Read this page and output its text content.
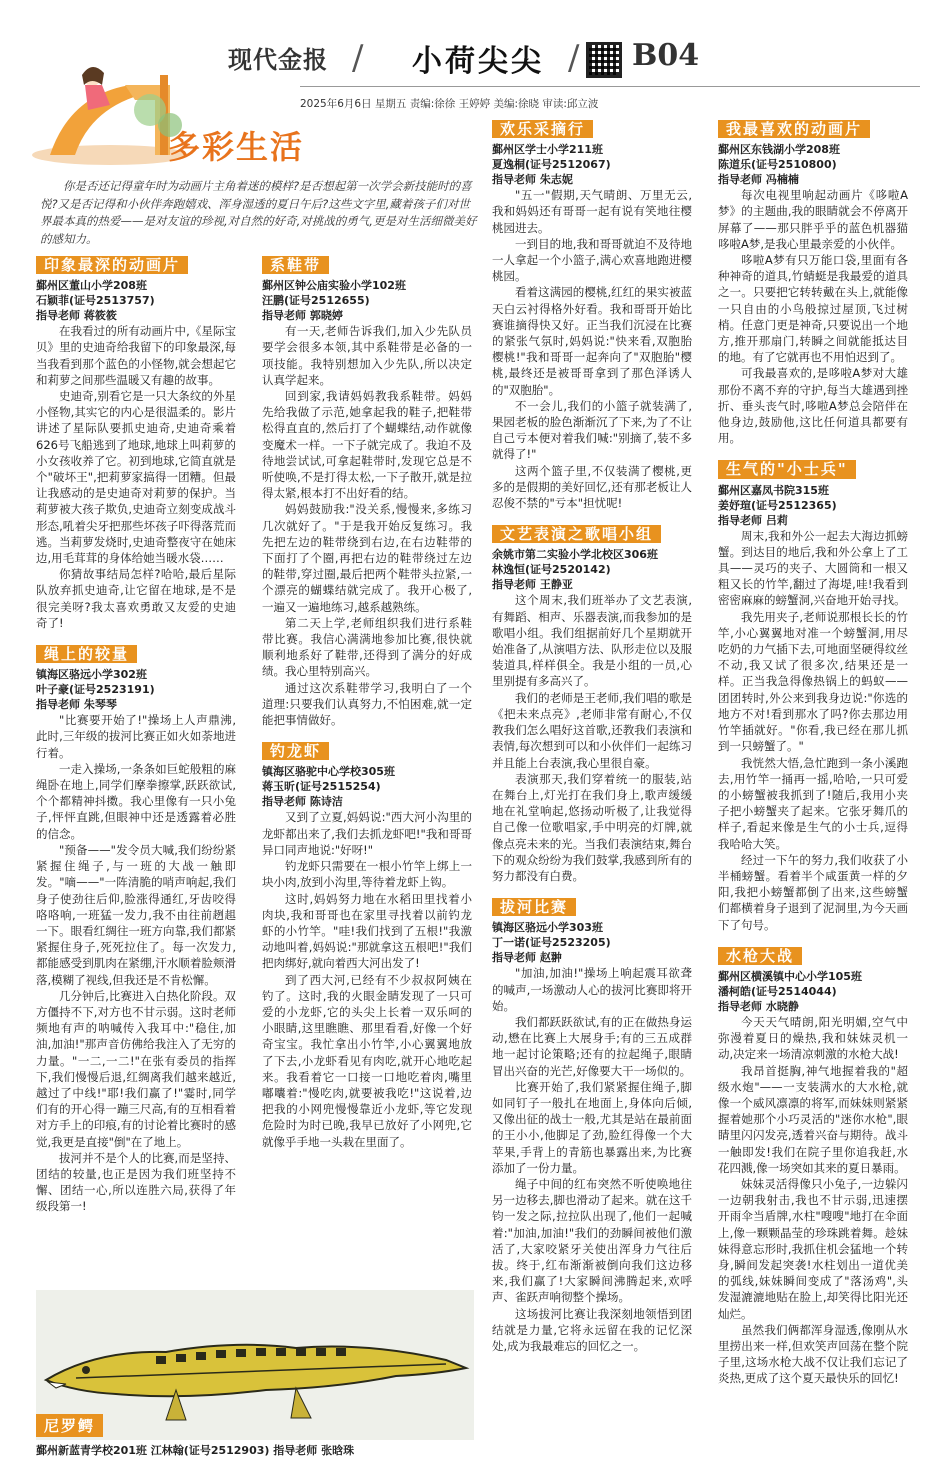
现代金报 / 小荷尖尖 / B04
2025年6月6日 星期五 责编:徐徐 王婷婷 美编:徐晓 审读:邱立波
多彩生活
你是否还记得童年时为动画片主角着迷的模样?是否想起第一次学会新技能时的喜悦?又是否记得和小伙伴奔跑嬉戏、浑身湿透的夏日午后?这些文字里,藏着孩子们对世界最本真的热爱——是对友谊的珍视,对自然的好奇,对挑战的勇气,更是对生活细微美好的感知力。
印象最深的动画片
鄞州区董山小学208班
石颖菲(证号2513757)
指导老师 蒋筱筱

在我看过的所有动画片中,《星际宝贝》里的史迪奇给我留下的印象最深,每当我看到那个蓝色的小怪物,就会想起它和莉萝之间那些温暖又有趣的故事。

史迪奇,别看它是一只大条纹的外星小怪物,其实它的内心是很温柔的。影片讲述了星际队要抓史迪奇,史迪奇乘着626号飞船逃到了地球,地球上叫莉萝的小女孩收养了它。初到地球,它简直就是个"破坏王",把莉萝家搞得一团糟。但最让我感动的是史迪奇对莉萝的保护。当莉萝被大孩子欺负,史迪奇立刻变成战斗形态,吼着尖牙把那些坏孩子吓得落荒而逃。当莉萝发烧时,史迪奇整夜守在她床边,用毛茸茸的身体给她当暖水袋……

你猜故事结局怎样?哈哈,最后星际队放弃抓史迪奇,让它留在地球,是不是很完美呀?我太喜欢勇敢又友爱的史迪奇了!

绳上的较量
镇海区骆远小学302班
叶子豪(证号2523191)
指导老师 朱琴琴

"比赛要开始了!"操场上人声鼎沸,此时,三年级的拔河比赛正如火如荼地进行着。

一走入操场,一条条如巨蛇般粗的麻绳卧在地上,同学们摩拳擦掌,跃跃欲试,个个都精神抖擞。我心里像有一只小兔子,怦怦直跳,但眼神中还是透露着必胜的信念。

"预备——"发令员大喊,我们纷纷紧紧握住绳子,与一班的大战一触即发。"嘀——"一阵清脆的哨声响起,我们身子使劲往后仰,脸涨得通红,牙齿咬得咯咯响,一班猛一发力,我不由往前趔趄一下。眼看红绸往一班方向靠,我们都紧紧握住身子,死死拉住了。每一次发力,都能感受到肌肉在紧绷,汗水顺着脸颊滑落,模糊了视线,但我还是不肯松懈。

几分钟后,比赛进入白热化阶段。双方僵持不下,对方也不甘示弱。这时老师频地有声的呐喊传入我耳中:"稳住,加油,加油!"那声音仿佛给我注入了无穷的力量。"一二,一二!"在张有委员的指挥下,我们慢慢后退,红绸离我们越来越近,越过了中线!"耶!我们赢了!"霎时,同学们有的开心得一蹦三尺高,有的互相看着对方手上的印痕,有的讨论着比赛时的感觉,我更是直接"倒"在了地上。

拔河并不是个人的比赛,而是坚持、团结的较量,也正是因为我们班坚持不懈、团结一心,所以连胜六局,获得了年级段第一!

系鞋带
鄞州区钟公庙实验小学102班
汪鹏(证号2512655)
指导老师 郭晓婷

有一天,老师告诉我们,加入少先队员要学会很多本领,其中系鞋带是必备的一项技能。我特别想加入少先队,所以决定认真学起来。

回到家,我请妈妈教我系鞋带。妈妈先给我做了示范,她拿起我的鞋子,把鞋带松得直直的,然后打了个蝴蝶结,动作就像变魔术一样。一下子就完成了。我迫不及待地尝试试,可拿起鞋带时,发现它总是不听使唤,不是打得太松,一下子散开,就是拉得太紧,根本打不出好看的结。

妈妈鼓励我:"没关系,慢慢来,多练习几次就好了。"于是我开始反复练习。我先把左边的鞋带绕到右边,在右边鞋带的下面打了个圈,再把右边的鞋带绕过左边的鞋带,穿过圈,最后把两个鞋带头拉紧,一个漂亮的蝴蝶结就完成了。我开心极了,一遍又一遍地练习,越系越熟练。

第二天上学,老师组织我们进行系鞋带比赛。我信心满满地参加比赛,很快就顺利地系好了鞋带,还得到了满分的好成绩。我心里特别高兴。

通过这次系鞋带学习,我明白了一个道理:只要我们认真努力,不怕困难,就一定能把事情做好。

钓龙虾
镇海区骆驼中心学校305班
蒋玉昕(证号2515254)
指导老师 陈诗洁

又到了立夏,妈妈说:"西大河小沟里的龙虾都出来了,我们去抓龙虾吧!"我和哥哥异口同声地说:"好呀!"

钓龙虾只需要在一根小竹竿上绑上一块小肉,放到小沟里,等待着龙虾上钩。

这时,妈妈努力地在水稻田里找着小肉块,我和哥哥也在家里寻找着以前钓龙虾的小竹竿。"哇!我们找到了五根!"我激动地叫着,妈妈说:"那就拿这五根吧!"我们把肉绑好,就向着西大河出发了!

到了西大河,已经有不少叔叔阿姨在钓了。这时,我的火眼金睛发现了一只可爱的小龙虾,它的头尖上长着一双乐呵的小眼睛,这里瞧瞧、那里看看,好像一个好奇宝宝。我忙拿出小竹竿,小心翼翼地放了下去,小龙虾看见有肉吃,就开心地吃起来。我看着它一口接一口地吃着肉,嘴里嘟囔着:"慢吃肉,就要被我吃!"这说着,边把我的小网兜慢慢靠近小龙虾,等它发现危险时为时已晚,我早已放好了小网兜,它就像乎手地一头栽在里面了。

欢乐采摘行
鄞州区学士小学211班
夏逸桐(证号2512067)
指导老师 朱志妮

"五一"假期,天气晴朗、万里无云,我和妈妈还有哥哥一起有说有笑地往樱桃园进去。

一到目的地,我和哥哥就迫不及待地一人拿起一个小篮子,满心欢喜地跑进樱桃园。

看着这满园的樱桃,红红的果实被蓝天白云衬得格外好看。我和哥哥开始比赛谁摘得快又好。正当我们沉浸在比赛的紧张气氛时,妈妈说:"快来看,双胞胎樱桃!"我和哥哥一起奔向了"双胞胎"樱桃,最终还是被哥哥拿到了那色泽诱人的"双胞胎"。

不一会儿,我们的小篮子就装满了,果园老板的脸色渐渐沉了下来,为了不让自己亏本便对着我们喊:"别摘了,装不多就得了!"

这两个篮子里,不仅装满了樱桃,更多的是假期的美好回忆,还有那老板让人忍俊不禁的"亏本"担忧呢!

文艺表演之歌唱小组
余姚市第二实验小学北校区306班
林逸恒(证号2520142)
指导老师 王静亚

这个周末,我们班举办了文艺表演,有舞蹈、相声、乐器表演,而我参加的是歌唱小组。我们组据前好几个星期就开始准备了,从演唱方法、队形走位以及服装道具,样样俱全。我是小组的一员,心里别提有多高兴了。

我们的老师是王老师,我们唱的歌是《把未来点亮》,老师非常有耐心,不仅教我们怎么唱好这首歌,还教我们表演和表情,每次想到可以和小伙伴们一起练习并且能上台表演,我心里很自豪。

表演那天,我们穿着统一的服装,站在舞台上,灯光打在我们身上,歌声缓缓地在礼堂响起,悠扬动听极了,让我觉得自己像一位歌唱家,手中明亮的灯牌,就像点亮未来的光。当我们表演结束,舞台下的观众纷纷为我们鼓掌,我感到所有的努力都没有白费。

拔河比赛
镇海区骆远小学303班
丁一诺(证号2523205)
指导老师 赵翀

"加油,加油!"操场上响起震耳欲聋的喊声,一场激动人心的拔河比赛即将开始。

我们都跃跃欲试,有的正在做热身运动,懋在比赛上大展身手;有的三五成群地一起讨论策略;还有的拉起绳子,眼睛冒出兴奋的光芒,好像要大干一场似的。

比赛开始了,我们紧紧握住绳子,脚如同钉子一般扎在地面上,身体向后倾,又像出征的战士一般,尤其是站在最前面的王小小,他脚足了劲,脸红得像一个大苹果,手背上的青筋也暴露出来,为比赛添加了一份力量。

绳子中间的红布突然不听使唤地往另一边移去,脚也滑动了起来。就在这千钧一发之际,拉拉队出现了,他们一起喊着:"加油,加油!"我们的劲瞬间被他们激活了,大家咬紧牙关使出浑身力气往后拔。终于,红布渐渐被倒向我们这边移来,我们赢了!大家瞬间沸腾起来,欢呼声、雀跃声响彻整个操场。

这场拔河比赛让我深刻地领悟到团结就是力量,它将永远留在我的记忆深处,成为我最难忘的回忆之一。

我最喜欢的动画片
鄞州区东钱湖小学208班
陈道乐(证号2510800)
指导老师 冯楠楠

每次电视里响起动画片《哆啦A梦》的主题曲,我的眼睛就会不停离开屏幕了——那只胖乎乎的蓝色机器猫哆啦A梦,是我心里最亲爱的小伙伴。

哆啦A梦有只万能口袋,里面有各种神奇的道具,竹蜻蜓是我最爱的道具之一。只要把它转转戴在头上,就能像一只自由的小鸟般掠过屋顶,飞过树梢。任意门更是神奇,只要说出一个地方,推开那扇门,转瞬之间就能抵达目的地。有了它就再也不用怕迟到了。

可我最喜欢的,是哆啦A梦对大雄那份不离不弃的守护,每当大雄遇到挫折、垂头丧气时,哆啦A梦总会陪伴在他身边,鼓励他,这比任何道具都要有用。

生气的"小士兵"
鄞州区嘉凤书院315班
姜妤瑄(证号2512365)
指导老师 吕莉

周末,我和外公一起去大海边抓螃蟹。到达目的地后,我和外公拿上了工具——灵巧的夹子、大圆筒和一根又粗又长的竹竿,翻过了海堤,哇!我看到密密麻麻的螃蟹洞,兴奋地开始寻找。

我先用夹子,老师说那根长长的竹竿,小心翼翼地对准一个螃蟹洞,用尽吃奶的力气插下去,可地面坚硬得纹丝不动,我又试了很多次,结果还是一样。正当我急得像热锅上的蚂蚁——团团转时,外公来到我身边说:"你选的地方不对!看到那水了吗?你去那边用竹竿插就好。"你看,我已经在那儿抓到一只螃蟹了。"

我恍然大悟,急忙跑到一条小溪跑去,用竹竿一捅再一摇,哈哈,一只可爱的小螃蟹被我抓到了!随后,我用小夹子把小螃蟹夹了起来。它张牙舞爪的样子,看起来像是生气的小士兵,逗得我哈哈大笑。

经过一下午的努力,我们收获了小半桶螃蟹。看着半个咸蛋黄一样的夕阳,我把小螃蟹都倒了出来,这些螃蟹们都横着身子退到了泥洞里,为今天画下了句号。

水枪大战
鄞州区横溪镇中心小学105班
潘柯皓(证号2514044)
指导老师 水晓静

今天天气晴朗,阳光明媚,空气中弥漫着夏日的燥热,我和妹妹灵机一动,决定来一场清凉刺激的水枪大战!

我昂首挺胸,神气地握着我的"超级水炮"——一支装满水的大水枪,就像一个威风凛凛的将军,而妹妹则紧紧握着她那个小巧灵活的"迷你水枪",眼睛里闪闪发亮,透着兴奋与期待。战斗一触即发!我们在院子里你追我赶,水花四溅,像一场突如其来的夏日暴雨。

妹妹灵活得像只小兔子,一边躲闪一边朝我射击,我也不甘示弱,迅速摆开雨伞当盾牌,水柱"嗖嗖"地打在伞面上,像一颗颗晶莹的珍珠跳着舞。趁妹妹得意忘形时,我抓住机会猛地一个转身,瞬间发起突袭!水柱划出一道优美的弧线,妹妹瞬间变成了"落汤鸡",头发湿漉漉地贴在脸上,却笑得比阳光还灿烂。

虽然我们俩都浑身湿透,像刚从水里捞出来一样,但欢笑声回荡在整个院子里,这场水枪大战不仅让我们忘记了炎热,更成了这个夏天最快乐的回忆!

尼罗鳄
鄞州新蓝青学校201班 江林翰(证号2512903) 指导老师 张晗珠
